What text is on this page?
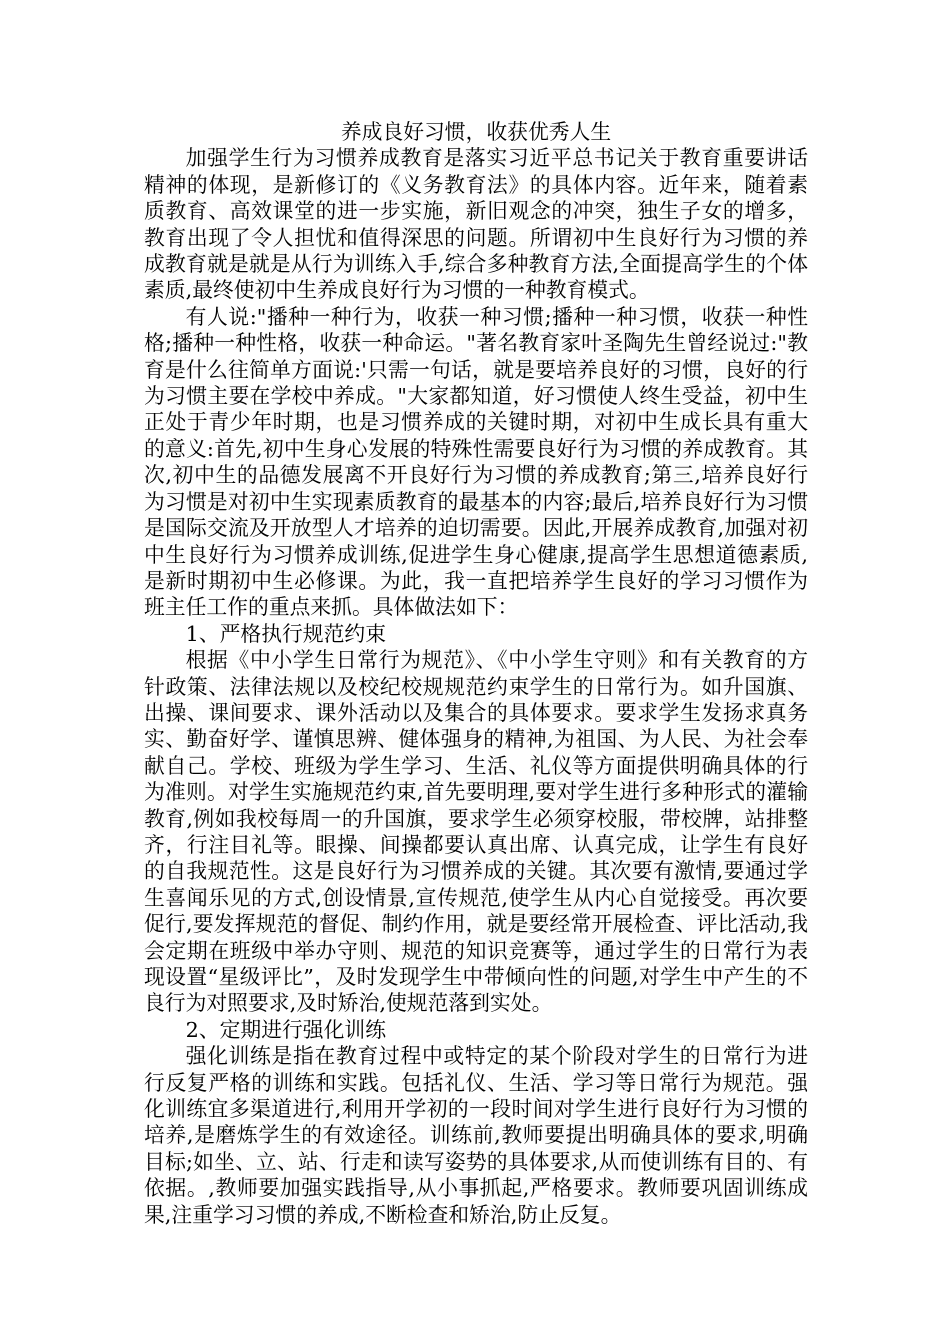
养成良好习惯，收获优秀人生

加强学生行为习惯养成教育是落实习近平总书记关于教育重要讲话精神的体现，是新修订的《义务教育法》的具体内容。近年来，随着素质教育、高效课堂的进一步实施，新旧观念的冲突，独生子女的增多，教育出现了令人担忧和值得深思的问题。所谓初中生良好行为习惯的养成教育就是就是从行为训练入手,综合多种教育方法,全面提高学生的个体素质,最终使初中生养成良好行为习惯的一种教育模式。

有人说:"播种一种行为，收获一种习惯;播种一种习惯，收获一种性格;播种一种性格，收获一种命运。"著名教育家叶圣陶先生曾经说过:"教育是什么往简单方面说:'只需一句话，就是要培养良好的习惯，良好的行为习惯主要在学校中养成。"大家都知道，好习惯使人终生受益，初中生正处于青少年时期，也是习惯养成的关键时期，对初中生成长具有重大的意义:首先,初中生身心发展的特殊性需要良好行为习惯的养成教育。其次,初中生的品德发展离不开良好行为习惯的养成教育;第三,培养良好行为习惯是对初中生实现素质教育的最基本的内容;最后,培养良好行为习惯是国际交流及开放型人才培养的迫切需要。因此,开展养成教育,加强对初中生良好行为习惯养成训练,促进学生身心健康,提高学生思想道德素质,是新时期初中生必修课。为此，我一直把培养学生良好的学习习惯作为班主任工作的重点来抓。具体做法如下：

1、严格执行规范约束

根据《中小学生日常行为规范》、《中小学生守则》和有关教育的方针政策、法律法规以及校纪校规规范约束学生的日常行为。如升国旗、出操、课间要求、课外活动以及集合的具体要求。要求学生发扬求真务实、勤奋好学、谨慎思辨、健体强身的精神,为祖国、为人民、为社会奉献自己。学校、班级为学生学习、生活、礼仪等方面提供明确具体的行为准则。对学生实施规范约束,首先要明理,要对学生进行多种形式的灌输教育,例如我校每周一的升国旗，要求学生必须穿校服，带校牌，站排整齐，行注目礼等。眼操、间操都要认真出席、认真完成，让学生有良好的自我规范性。这是良好行为习惯养成的关键。其次要有激情,要通过学生喜闻乐见的方式,创设情景,宣传规范,使学生从内心自觉接受。再次要促行,要发挥规范的督促、制约作用，就是要经常开展检查、评比活动,我会定期在班级中举办守则、规范的知识竞赛等，通过学生的日常行为表现设置“星级评比”，及时发现学生中带倾向性的问题,对学生中产生的不良行为对照要求,及时矫治,使规范落到实处。

2、定期进行强化训练

强化训练是指在教育过程中或特定的某个阶段对学生的日常行为进行反复严格的训练和实践。包括礼仪、生活、学习等日常行为规范。强化训练宜多渠道进行,利用开学初的一段时间对学生进行良好行为习惯的培养,是磨炼学生的有效途径。训练前,教师要提出明确具体的要求,明确目标;如坐、立、站、行走和读写姿势的具体要求,从而使训练有目的、有依据。,教师要加强实践指导,从小事抓起,严格要求。教师要巩固训练成果,注重学习习惯的养成,不断检查和矫治,防止反复。
